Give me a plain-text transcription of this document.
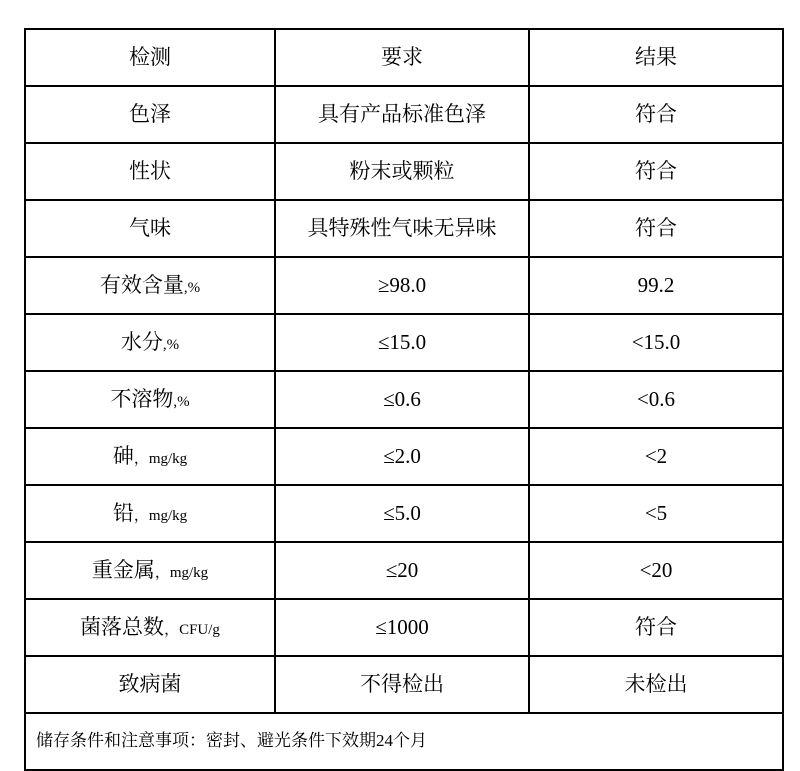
检测	要求	结果

色泽	具有产品标准色泽	符合

性状	粉末或颗粒	符合

气味	具特殊性气味无异味	符合

有效含量,%	≥98.0	99.2

水分,%	≤15.0	<15.0

不溶物,%	≤0.6	<0.6

砷，mg/kg	≤2.0	<2

铅，mg/kg	≤5.0	<5

重金属，mg/kg	≤20	<20

菌落总数，CFU/g	≤1000	符合

致病菌	不得检出	未检出

储存条件和注意事项：密封、避光条件下效期24个月		
